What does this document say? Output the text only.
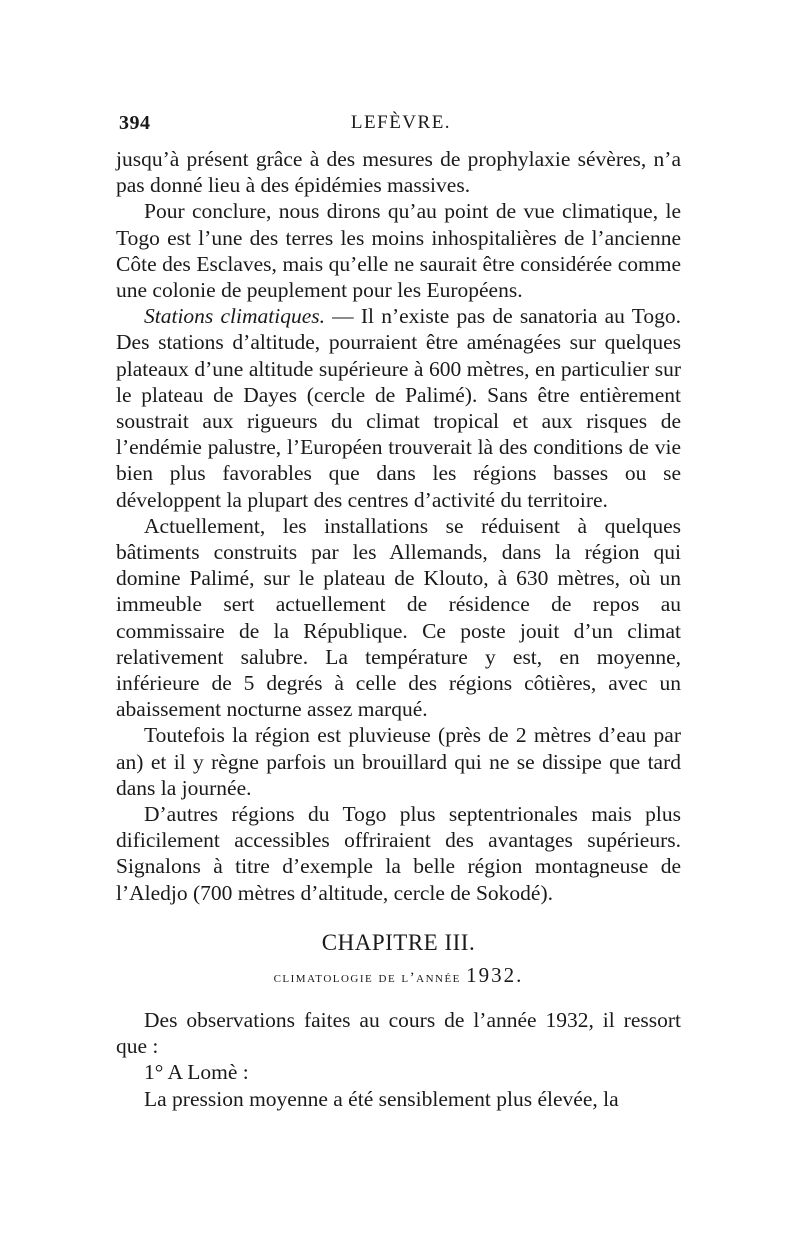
394	LEFÈVRE.

jusqu’à présent grâce à des mesures de prophylaxie sévères, n’a pas donné lieu à des épidémies massives.

Pour conclure, nous dirons qu’au point de vue climatique, le Togo est l’une des terres les moins inhospitalières de l’ancienne Côte des Esclaves, mais qu’elle ne saurait être considérée comme une colonie de peuplement pour les Européens.

Stations climatiques. — Il n’existe pas de sanatoria au Togo. Des stations d’altitude, pourraient être aménagées sur quelques plateaux d’une altitude supérieure à 600 mètres, en particulier sur le plateau de Dayes (cercle de Palimé). Sans être entièrement soustrait aux rigueurs du climat tropical et aux risques de l’endémie palustre, l’Européen trouverait là des conditions de vie bien plus favorables que dans les régions basses ou se développent la plupart des centres d’activité du territoire.

Actuellement, les installations se réduisent à quelques bâtiments construits par les Allemands, dans la région qui domine Palimé, sur le plateau de Klouto, à 630 mètres, où un immeuble sert actuellement de résidence de repos au commissaire de la République. Ce poste jouit d’un climat relativement salubre. La température y est, en moyenne, inférieure de 5 degrés à celle des régions côtières, avec un abaissement nocturne assez marqué.

Toutefois la région est pluvieuse (près de 2 mètres d’eau par an) et il y règne parfois un brouillard qui ne se dissipe que tard dans la journée.

D’autres régions du Togo plus septentrionales mais plus dificilement accessibles offriraient des avantages supérieurs. Signalons à titre d’exemple la belle région montagneuse de l’Aledjo (700 mètres d’altitude, cercle de Sokodé).

CHAPITRE III.
climatologie de l’année 1932.

Des observations faites au cours de l’année 1932, il ressort que :

1° A Lomè :

La pression moyenne a été sensiblement plus élevée, la
